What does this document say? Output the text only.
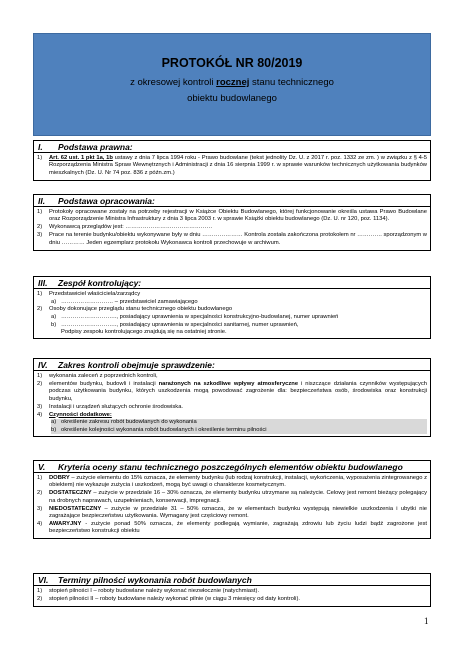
PROTOKÓŁ NR 80/2019
z okresowej kontroli rocznej stanu technicznego
obiektu budowlanego
I. Podstawa prawna:
1)	Art. 62 ust. 1 pkt 1a, 1b ustawy z dnia 7 lipca 1994 roku - Prawo budowlane (tekst jednolity Dz. U. z 2017 r. poz. 1332 ze zm. ) w związku z § 4-5 Rozporządzenia Ministra Spraw Wewnętrznych i Administracji z dnia 16 sierpnia 1999 r. w sprawie warunków technicznych użytkowania budynków mieszkalnych (Dz. U. Nr 74 poz. 836 z późn.zm.)
II. Podstawa opracowania:
1)	Protokoły opracowane zostały na potrzeby rejestracji w Książce Obiektu Budowlanego, której funkcjonowanie określa ustawa Prawo Budowlane oraz Rozporządzenie Ministra Infrastruktury z dnia 3 lipca 2003 r. w sprawie Książki obiektu budowlanego (Dz. U. nr 120, poz. 1134).
2)	Wykonawcą przeglądów jest: ………………………………………
3)	Prace na terenie budynku/obiektu wykonywane były w dniu ………………… Kontrola została zakończona protokołem nr …………. sporządzonym w dniu ………… Jeden egzemplarz protokołu Wykonawca kontroli przechowuje w archiwum.
III. Zespół kontrolujący:
1)	Przedstawiciel właściciela/zarządcy
a) ……………………… – przedstawiciel zamawiającego
2)	Osoby dokonujące przeglądu stanu technicznego obiektu budowlanego
a) ……………………….., posiadający uprawnienia w specjalności konstrukcyjno-budowlanej, numer uprawnień
b) ……………………….., posiadający uprawnienia w specjalności sanitarnej, numer uprawnień,
Podpisy zespołu kontrolującego znajdują się na ostatniej stronie.
IV. Zakres kontroli obejmuje sprawdzenie:
1)	wykonania zaleceń z poprzednich kontroli,
2)	elementów budynku, budowli i instalacji narażonych na szkodliwe wpływy atmosferyczne i niszczące działania czynników występujących podczas użytkowania budynku, których uszkodzenia mogą powodować zagrożenie dla: bezpieczeństwa osób, środowiska oraz konstrukcji budynku,
3)	Instalacji i urządzeń służących ochronie środowiska.
4)	Czynności dodatkowe:
a) określenie zakresu robót budowlanych do wykonania
b) określenie kolejności wykonania robót budowlanych i określenie terminu pilności
V. Kryteria oceny stanu technicznego poszczególnych elementów obiektu budowlanego
1)	DOBRY – zużycie elementu do 15% oznacza, że elementy budynku (lub rodzaj konstrukcji, instalacji, wykończenia, wyposażenia zintegrowanego z obiektem) nie wykazuje zużycia i uszkodzeń, mogą być uwagi o charakterze kosmetycznym.
2)	DOSTATECZNY – zużycie w przedziale 16 – 30% oznacza, że elementy budynku utrzymane są należycie. Celowy jest remont bieżący polegający na drobnych naprawach, uzupełnieniach, konserwacji, impregnacji.
3)	NIEDOSTATECZNY – zużycie w przedziale 31 – 50% oznacza, że w elementach budynku występują niewielkie uszkodzenia i ubytki nie zagrażające bezpieczeństwu użytkowania. Wymagany jest częściowy remont.
4)	AWARYJNY - zużycie ponad 50% oznacza, że elementy podlegają wymianie, zagrażają zdrowiu lub życiu ludzi bądź zagrożone jest bezpieczeństwo konstrukcji obiektu
VI. Terminy pilności wykonania robót budowlanych
1)	stopień pilności I – roboty budowlane należy wykonać niezwłocznie (natychmiast).
2)	stopień pilności II – roboty budowlane należy wykonać pilnie (w ciągu 3 miesięcy od daty kontroli).
1
